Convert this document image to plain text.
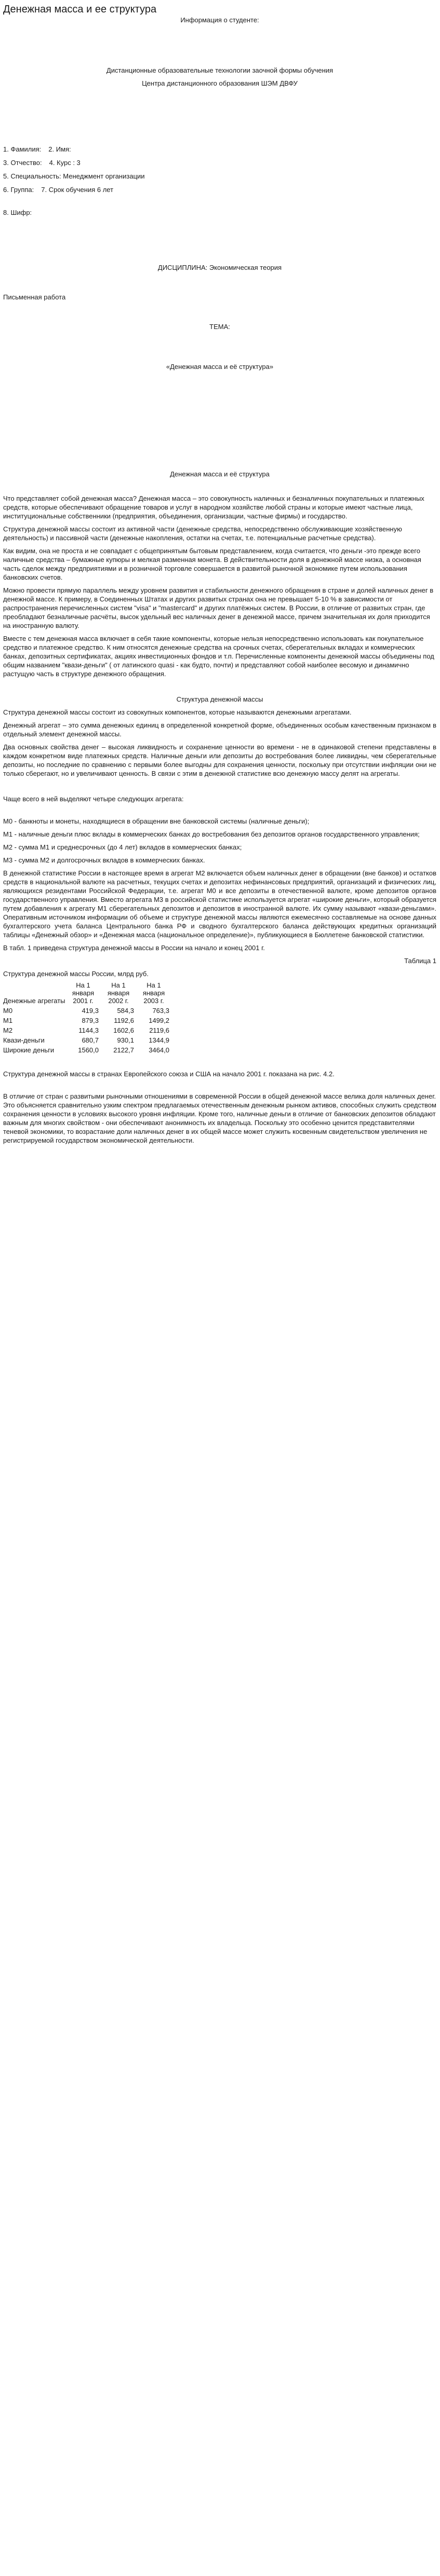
Денежная масса и ее структура

Информация о студенте:

Дистанционные образовательные технологии заочной формы обучения

Центра дистанционного образования ШЭМ ДВФУ

1. Фамилия: 2. Имя:

3. Отчество: 4. Курс : 3

5. Специальность: Менеджмент организации

6. Группа: 7. Срок обучения 6 лет

8. Шифр:

ДИСЦИПЛИНА: Экономическая теория

Письменная работа

ТЕМА:

«Денежная масса и её структура»

Денежная масса и её структура

Что представляет собой денежная масса? Денежная масса – это совокупность наличных и безналичных покупательных и платежных средств, которые обеспечивают обращение товаров и услуг в народном хозяйстве любой страны и которые имеют частные лица, институциональные собственники (предприятия, объединения, организации, частные фирмы) и государство.

Структура денежной массы состоит из активной части (денежные средства, непосредственно обслуживающие хозяйственную деятельность) и пассивной части (денежные накопления, остатки на счетах, т.е. потенциальные расчетные средства).

Как видим, она не проста и не совпадает с общепринятым бытовым представлением, когда считается, что деньги -это прежде всего наличные средства – бумажные купюры и мелкая разменная монета. В действительности доля в денежной массе низка, а основная часть сделок между предприятиями и в розничной торговле совершается в развитой рыночной экономике путем использования банковских счетов.

Можно провести прямую параллель между уровнем развития и стабильности денежного обращения в стране и долей наличных денег в денежной массе. К примеру, в Соединенных Штатах и других развитых странах она не превышает 5-10 % в зависимости от распространения перечисленных систем "visa" и "mastercard" и других платёжных систем. В России, в отличие от развитых стран, где преобладают безналичные расчёты, высок удельный вес наличных денег в денежной массе, причем значительная их доля приходится на иностранную валюту.

Вместе с тем денежная масса включает в себя такие компоненты, которые нельзя непосредственно использовать как покупательное средство и платежное средство. К ним относятся денежные средства на срочных счетах, сберегательных вкладах и коммерческих банках, депозитных сертификатах, акциях инвестиционных фондов и т.п. Перечисленные компоненты денежной массы объединены под общим названием "квази-деньги" ( от латинского quasi - как будто, почти) и представляют собой наиболее весомую и динамично растущую часть в структуре денежного обращения.

Структура денежной массы

Структура денежной массы состоит из совокупных компонентов, которые называются денежными агрегатами.

Денежный агрегат – это сумма денежных единиц в определенной конкретной форме, объединенных особым качественным признаком в отдельный элемент денежной массы.

Два основных свойства денег – высокая ликвидность и сохранение ценности во времени - не в одинаковой степени представлены в каждом конкретном виде платежных средств. Наличные деньги или депозиты до востребования более ликвидны, чем сберегательные депозиты, но последние по сравнению с первыми более выгодны для сохранения ценности, поскольку при отсутствии инфляции они не только сберегают, но и увеличивают ценность. В связи с этим в денежной статистике всю денежную массу делят на агрегаты.

Чаще всего в ней выделяют четыре следующих агрегата:

М0 - банкноты и монеты, находящиеся в обращении вне банковской системы (наличные деньги);

M1 - наличные деньги плюс вклады в коммерческих банках до востребования без депозитов органов государственного управления;

М2 - сумма М1 и среднесрочных (до 4 лет) вкладов в коммерческих банках;

М3 - сумма М2 и долгосрочных вкладов в коммерческих банках.

В денежной статистике России в настоящее время в агрегат М2 включается объем наличных денег в обращении (вне банков) и остатков средств в национальной валюте на расчетных, текущих счетах и депозитах нефинансовых предприятий, организаций и физических лиц, являющихся резидентами Российской Федерации, т.е. агрегат М0 и все депозиты в отечественной валюте, кроме депозитов органов государственного управления. Вместо агрегата М3 в российской статистике используется агрегат «широкие деньги», который образуется путем добавления к агрегату М1 сберегательных депозитов и депозитов в иностранной валюте. Их сумму называют «квази-деньгами». Оперативным источником информации об объеме и структуре денежной массы являются ежемесячно составляемые на основе данных бухгалтерского учета баланса Центрального банка РФ и сводного бухгалтерского баланса действующих кредитных организаций таблицы «Денежный обзор» и «Денежная масса (национальное определение)», публикующиеся в Бюллетене банковской статистики.

В табл. 1 приведена структура денежной массы в России на начало и конец 2001 г.

Таблица 1

Структура денежной массы России, млрд руб.

Денежные агрегаты	На 1 января 2001 г.	На 1 января 2002 г.	На 1 января 2003 г.
М0	419,3	584,3	763,3
М1	879,3	1192,6	1499,2
М2	1144,3	1602,6	2119,6
Квази-деньги	680,7	930,1	1344,9
Широкие деньги	1560,0	2122,7	3464,0

Структура денежной массы в странах Европейского союза и США на начало 2001 г. показана на рис. 4.2.

В отличие от стран с развитыми рыночными отношениями в современной России в общей денежной массе велика доля наличных денег. Это объясняется сравнительно узким спектром предлагаемых отечественным денежным рынком активов, способных служить средством сохранения ценности в условиях высокого уровня инфляции. Кроме того, наличные деньги в отличие от банковских депозитов обладают важным для многих свойством - они обеспечивают анонимность их владельца. Поскольку это особенно ценится представителями теневой экономики, то возрастание доли наличных денег в их общей массе может служить косвенным свидетельством увеличения не регистрируемой государством экономической деятельности.
